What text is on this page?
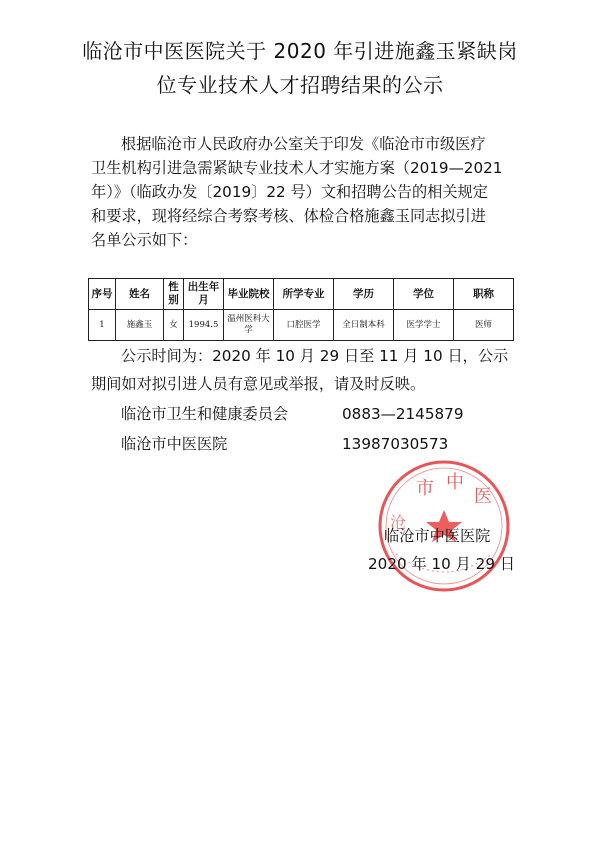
临沧市中医医院关于 2020 年引进施鑫玉紧缺岗
位专业技术人才招聘结果的公示
根据临沧市人民政府办公室关于印发《临沧市市级医疗
卫生机构引进急需紧缺专业技术人才实施方案（2019—2021
年）》（临政办发〔2019〕22 号）文和招聘公告的相关规定
和要求，现将经综合考察考核、体检合格施鑫玉同志拟引进
名单公示如下：
序号	姓名	性别	出生年月	毕业院校	所学专业	学历	学位	职称
1	施鑫玉	女	1994.5	温州医科大学	口腔医学	全日制本科	医学学士	医师
公示时间为：2020 年 10 月 29 日至 11 月 10 日，公示
期间如对拟引进人员有意见或举报，请及时反映。
临沧市卫生和健康委员会	0883—2145879
临沧市中医医院	13987030573
市 中
医
沧
临沧市中医医院
2020 年 10 月 29 日
